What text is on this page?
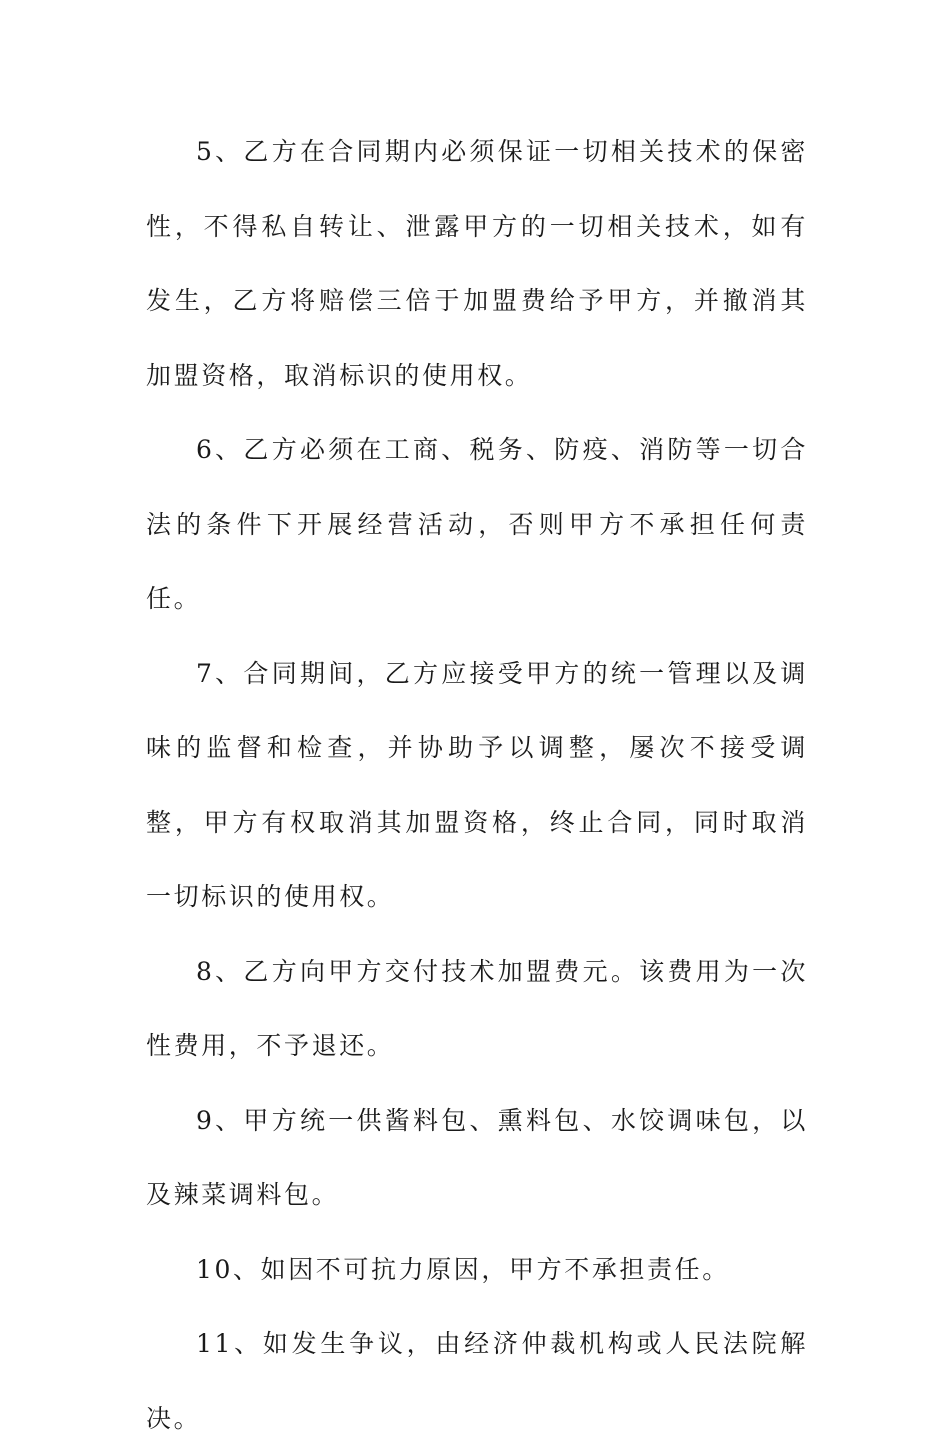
5、乙方在合同期内必须保证一切相关技术的保密性，不得私自转让、泄露甲方的一切相关技术，如有发生，乙方将赔偿三倍于加盟费给予甲方，并撤消其加盟资格，取消标识的使用权。

6、乙方必须在工商、税务、防疫、消防等一切合法的条件下开展经营活动，否则甲方不承担任何责任。

7、合同期间，乙方应接受甲方的统一管理以及调味的监督和检查，并协助予以调整，屡次不接受调整，甲方有权取消其加盟资格，终止合同，同时取消一切标识的使用权。

8、乙方向甲方交付技术加盟费元。该费用为一次性费用，不予退还。

9、甲方统一供酱料包、熏料包、水饺调味包，以及辣菜调料包。

10、如因不可抗力原因，甲方不承担责任。

11、如发生争议，由经济仲裁机构或人民法院解决。
